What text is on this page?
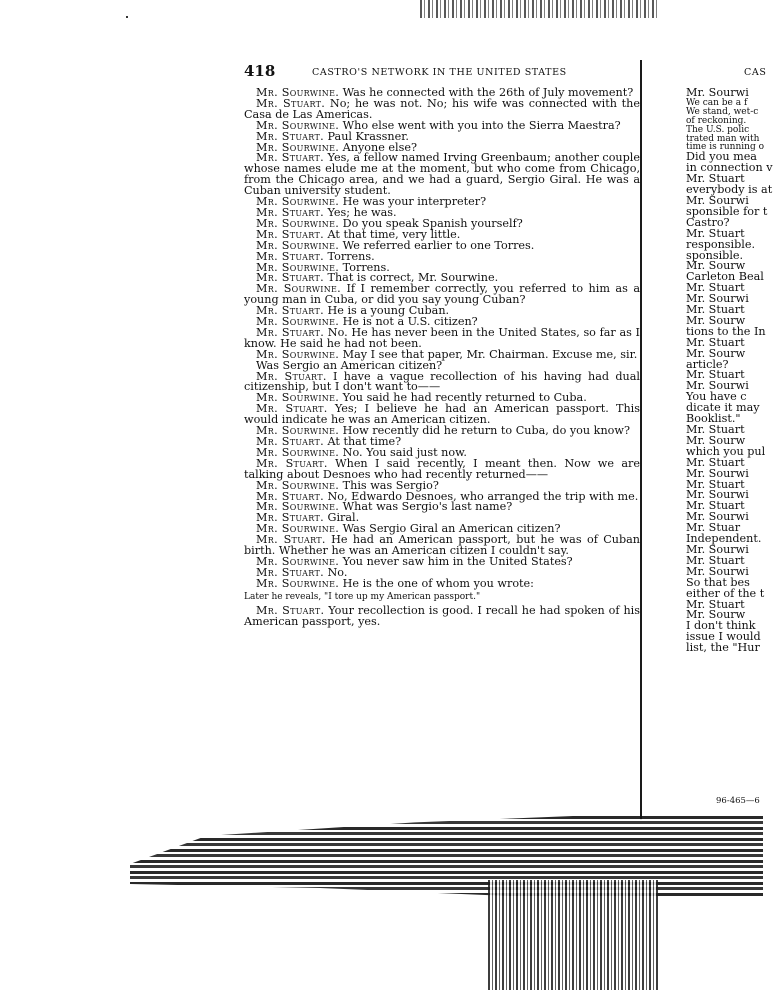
418	CASTRO'S NETWORK IN THE UNITED STATES	CAS

Mr. Sourwine. Was he connected with the 26th of July movement?

Mr. Stuart. No; he was not. No; his wife was connected with the Casa de Las Americas.

Mr. Sourwine. Who else went with you into the Sierra Maestra?

Mr. Stuart. Paul Krassner.

Mr. Sourwine. Anyone else?

Mr. Stuart. Yes, a fellow named Irving Greenbaum; another couple whose names elude me at the moment, but who come from Chicago, from the Chicago area, and we had a guard, Sergio Giral. He was a Cuban university student.

Mr. Sourwine. He was your interpreter?

Mr. Stuart. Yes; he was.

Mr. Sourwine. Do you speak Spanish yourself?

Mr. Stuart. At that time, very little.

Mr. Sourwine. We referred earlier to one Torres.

Mr. Stuart. Torrens.

Mr. Sourwine. Torrens.

Mr. Stuart. That is correct, Mr. Sourwine.

Mr. Sourwine. If I remember correctly, you referred to him as a young man in Cuba, or did you say young Cuban?

Mr. Stuart. He is a young Cuban.

Mr. Sourwine. He is not a U.S. citizen?

Mr. Stuart. No. He has never been in the United States, so far as I know. He said he had not been.

Mr. Sourwine. May I see that paper, Mr. Chairman. Excuse me, sir.

Was Sergio an American citizen?

Mr. Stuart. I have a vague recollection of his having had dual citizenship, but I don't want to——

Mr. Sourwine. You said he had recently returned to Cuba.

Mr. Stuart. Yes; I believe he had an American passport. This would indicate he was an American citizen.

Mr. Sourwine. How recently did he return to Cuba, do you know?

Mr. Stuart. At that time?

Mr. Sourwine. No. You said just now.

Mr. Stuart. When I said recently, I meant then. Now we are talking about Desnoes who had recently returned——

Mr. Sourwine. This was Sergio?

Mr. Stuart. No, Edwardo Desnoes, who arranged the trip with me.

Mr. Sourwine. What was Sergio's last name?

Mr. Stuart. Giral.

Mr. Sourwine. Was Sergio Giral an American citizen?

Mr. Stuart. He had an American passport, but he was of Cuban birth. Whether he was an American citizen I couldn't say.

Mr. Sourwine. You never saw him in the United States?

Mr. Stuart. No.

Mr. Sourwine. He is the one of whom you wrote:

Later he reveals, "I tore up my American passport."

Mr. Stuart. Your recollection is good. I recall he had spoken of his American passport, yes.

Mr. Sourwi

We can be a f

We stand, wet-c

of reckoning.

The U.S. polic

trated man with

time is running o

Did you mea

in connection v

Mr. Stuart

everybody is at

Mr. Sourwi

sponsible for t

Castro?

Mr. Stuart

responsible.

sponsible.

Mr. Sourw

Carleton Beal

Mr. Stuart

Mr. Sourwi

Mr. Stuart

Mr. Sourw

tions to the In

Mr. Stuart

Mr. Sourw

article?

Mr. Stuart

Mr. Sourwi

You have c

dicate it may

Booklist."

Mr. Stuart

Mr. Sourw

which you pul

Mr. Stuart

Mr. Sourwi

Mr. Stuart

Mr. Sourwi

Mr. Stuart

Mr. Sourwi

Mr. Stuar

Independent.

Mr. Sourwi

Mr. Stuart

Mr. Sourwi

So that bes

either of the t

Mr. Stuart

Mr. Sourw

I don't think

issue I would

list, the "Hur

96-465—6
